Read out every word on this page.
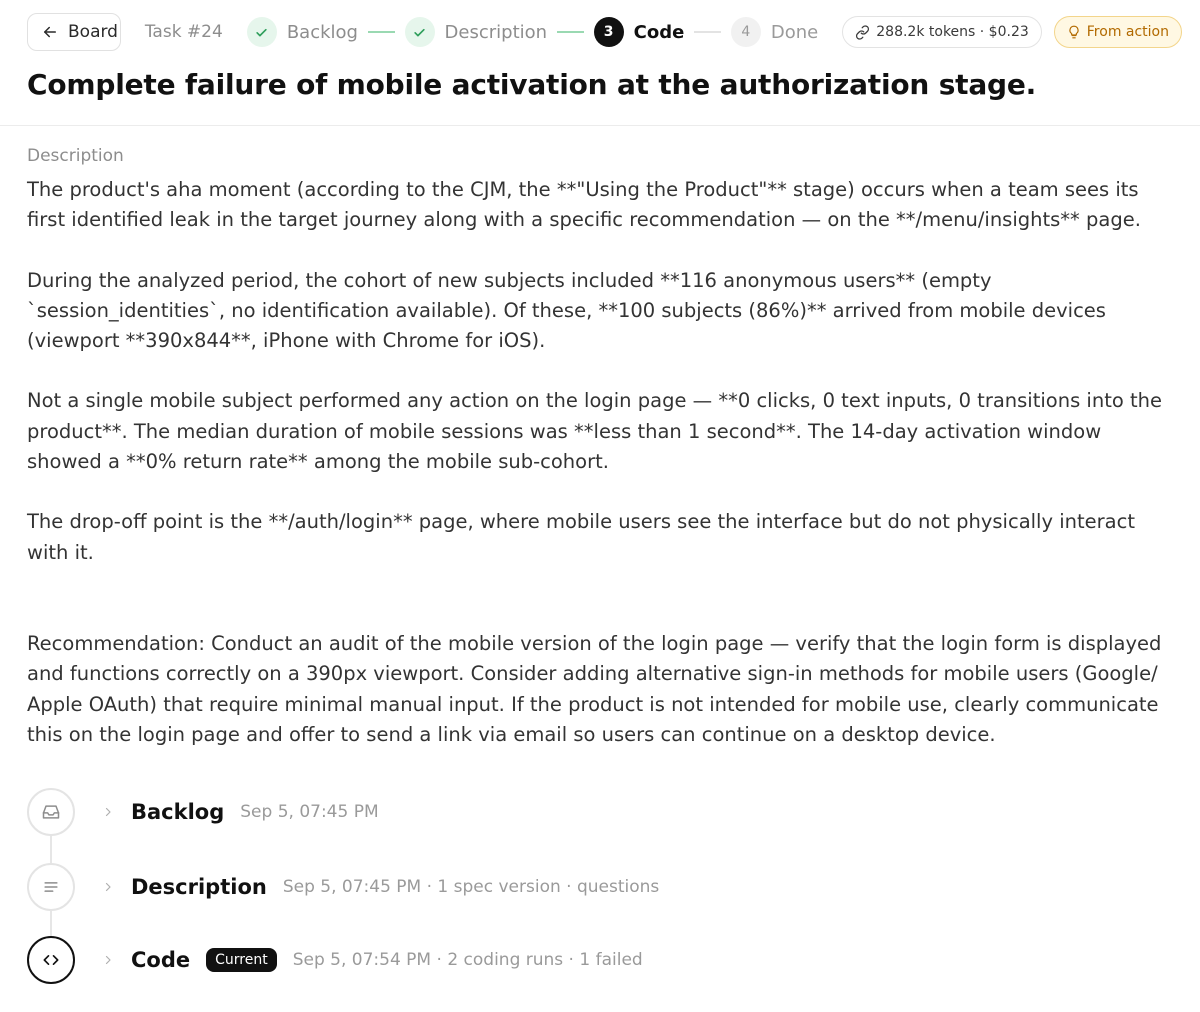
Board Task #24	Backlog	Description	3	Code	4	Done	288.2k tokens · $0.23	From action
Complete failure of mobile activation at the authorization stage.
Description

The product's aha moment (according to the CJM, the **"Using the Product"** stage) occurs when a team sees its first identified leak in the target journey along with a specific recommendation — on the **/menu/insights** page.

During the analyzed period, the cohort of new subjects included **116 anonymous users** (empty `session_identities`, no identification available). Of these, **100 subjects (86%)** arrived from mobile devices (viewport **390x844**, iPhone with Chrome for iOS).

Not a single mobile subject performed any action on the login page — **0 clicks, 0 text inputs, 0 transitions into the product**. The median duration of mobile sessions was **less than 1 second**. The 14-day activation window showed a **0% return rate** among the mobile sub-cohort.

The drop-off point is the **/auth/login** page, where mobile users see the interface but do not physically interact with it.

Recommendation: Conduct an audit of the mobile version of the login page — verify that the login form is displayed and functions correctly on a 390px viewport. Consider adding alternative sign-in methods for mobile users (Google/ Apple OAuth) that require minimal manual input. If the product is not intended for mobile use, clearly communicate this on the login page and offer to send a link via email so users can continue on a desktop device.

Backlog Sep 5, 07:45 PM
Description Sep 5, 07:45 PM · 1 spec version · questions
Code	Current	Sep 5, 07:54 PM · 2 coding runs · 1 failed
